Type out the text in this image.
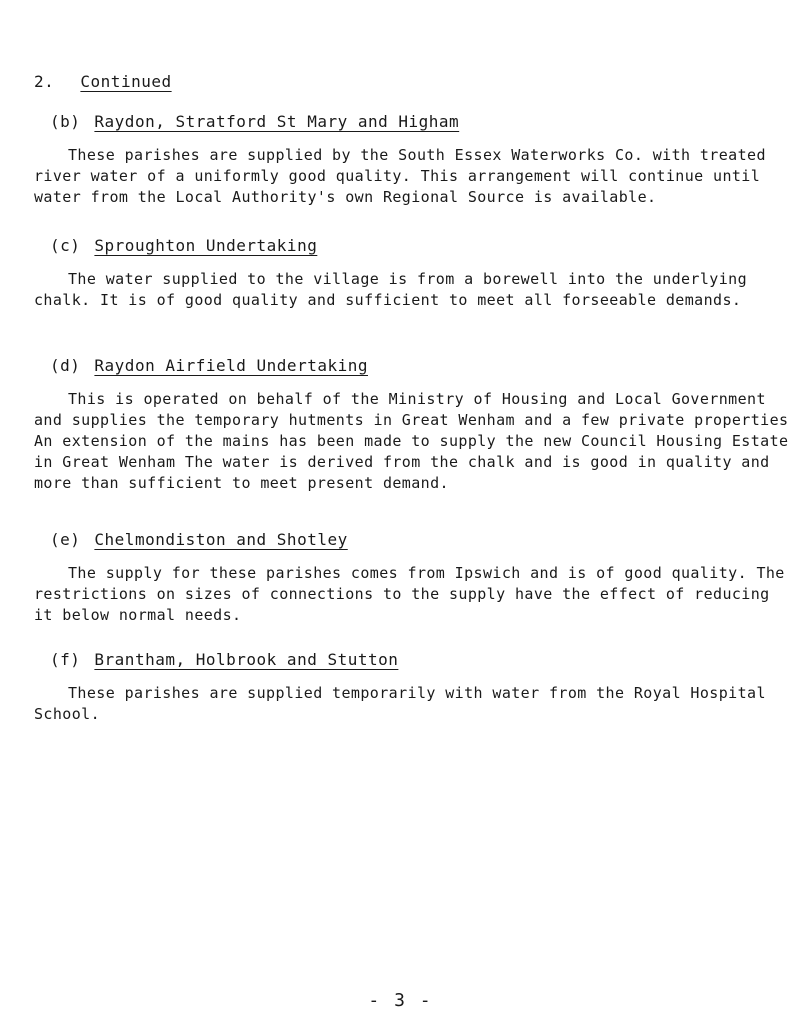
2. Continued
(b) Raydon, Stratford St Mary and Higham
These parishes are supplied by the South Essex Waterworks Co. with treated river water of a uniformly good quality. This arrangement will continue until water from the Local Authority's own Regional Source is available.
(c) Sproughton Undertaking
The water supplied to the village is from a borewell into the underlying chalk. It is of good quality and sufficient to meet all forseeable demands.
(d) Raydon Airfield Undertaking
This is operated on behalf of the Ministry of Housing and Local Government and supplies the temporary hutments in Great Wenham and a few private properties An extension of the mains has been made to supply the new Council Housing Estate in Great Wenham The water is derived from the chalk and is good in quality and more than sufficient to meet present demand.
(e) Chelmondiston and Shotley
The supply for these parishes comes from Ipswich and is of good quality. The restrictions on sizes of connections to the supply have the effect of reducing it below normal needs.
(f) Brantham, Holbrook and Stutton
These parishes are supplied temporarily with water from the Royal Hospital School.
- 3 -
